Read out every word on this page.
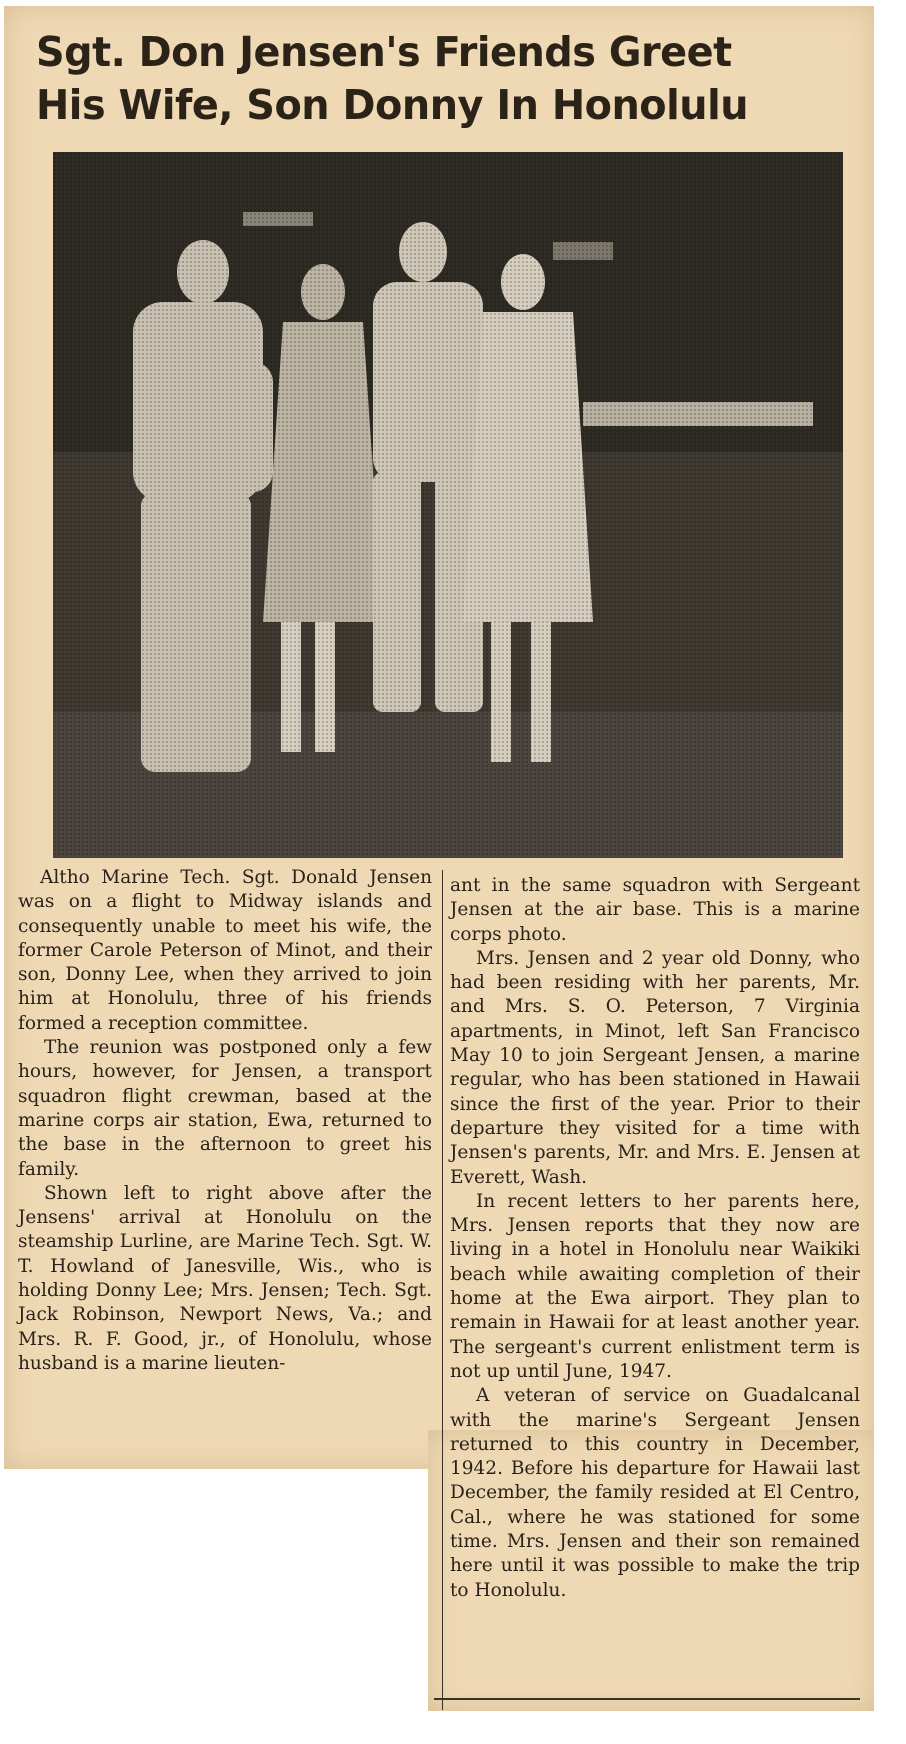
Sgt. Don Jensen's Friends Greet
His Wife, Son Donny In Honolulu

Altho Marine Tech. Sgt. Donald Jensen was on a flight to Midway islands and consequently unable to meet his wife, the former Carole Peterson of Minot, and their son, Donny Lee, when they arrived to join him at Honolulu, three of his friends formed a reception committee.

The reunion was postponed only a few hours, however, for Jensen, a transport squadron flight crewman, based at the marine corps air station, Ewa, returned to the base in the afternoon to greet his family.

Shown left to right above after the Jensens' arrival at Honolulu on the steamship Lurline, are Marine Tech. Sgt. W. T. Howland of Janesville, Wis., who is holding Donny Lee; Mrs. Jensen; Tech. Sgt. Jack Robinson, Newport News, Va.; and Mrs. R. F. Good, jr., of Honolulu, whose husband is a marine lieuten-

ant in the same squadron with Sergeant Jensen at the air base. This is a marine corps photo.

Mrs. Jensen and 2 year old Donny, who had been residing with her parents, Mr. and Mrs. S. O. Peterson, 7 Virginia apartments, in Minot, left San Francisco May 10 to join Sergeant Jensen, a marine regular, who has been stationed in Hawaii since the first of the year. Prior to their departure they visited for a time with Jensen's parents, Mr. and Mrs. E. Jensen at Everett, Wash.

In recent letters to her parents here, Mrs. Jensen reports that they now are living in a hotel in Honolulu near Waikiki beach while awaiting completion of their home at the Ewa airport. They plan to remain in Hawaii for at least another year. The sergeant's current enlistment term is not up until June, 1947.

A veteran of service on Guadalcanal with the marine's Sergeant Jensen returned to this country in December, 1942. Before his departure for Hawaii last December, the family resided at El Centro, Cal., where he was stationed for some time. Mrs. Jensen and their son remained here until it was possible to make the trip to Honolulu.
